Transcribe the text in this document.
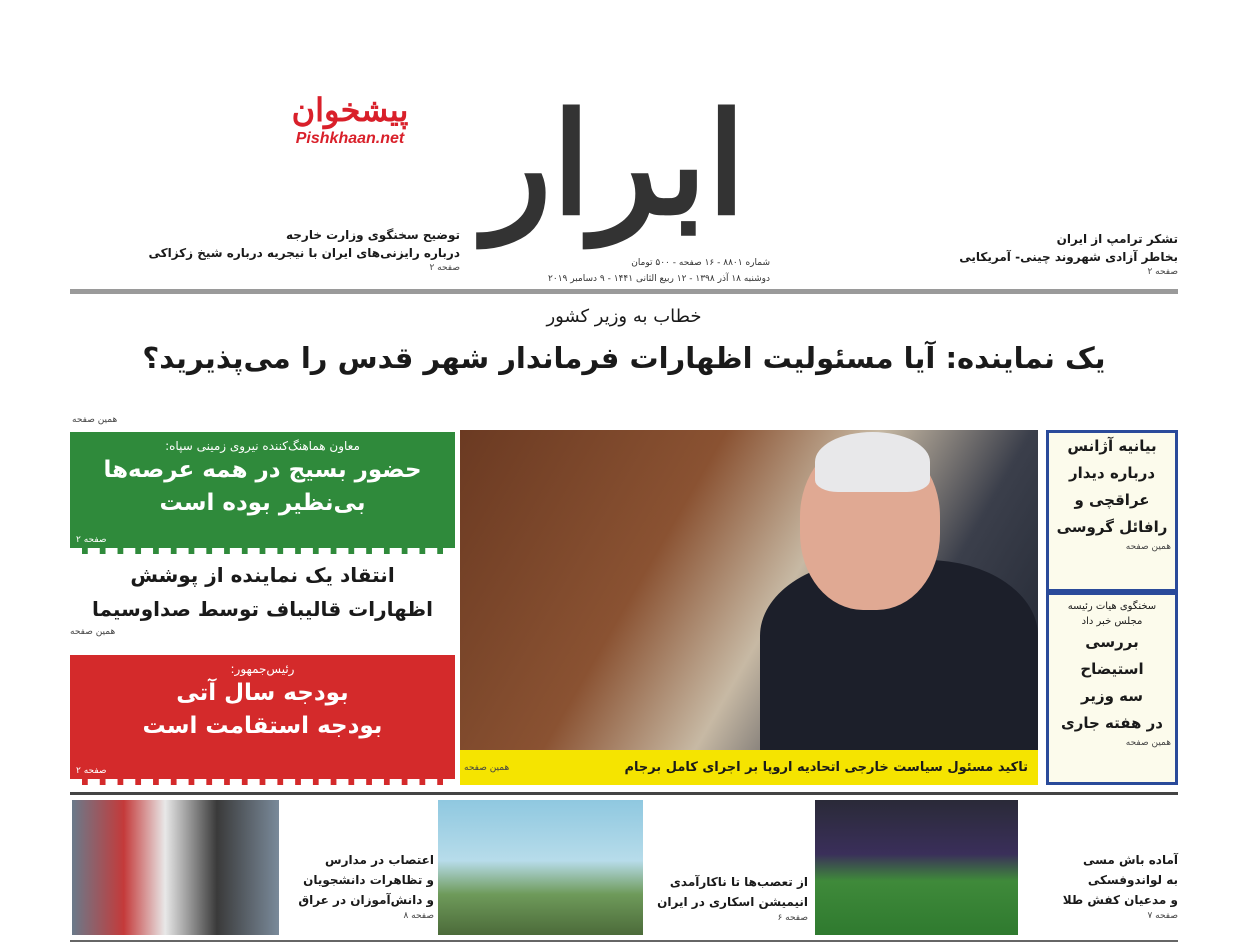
ابرار
پیشخوان
Pishkhaan.net
شماره ۸۸۰۱ - ۱۶ صفحه - ۵۰۰ تومان
دوشنبه ۱۸ آذر ۱۳۹۸ - ۱۲ ربیع الثانی ۱۴۴۱ - ۹ دسامبر ۲۰۱۹
تشکر ترامپ از ایران
بخاطر آزادی شهروند چینی- آمریکایی
صفحه ۲
توضیح سخنگوی وزارت خارجه
درباره رایزنی‌های ایران با نیجریه درباره شیخ زکزاکی
صفحه ۲
خطاب به وزیر کشور
یک نماینده: آیا مسئولیت اظهارات فرماندار شهر قدس را می‌پذیرید؟
همین صفحه
معاون هماهنگ‌کننده نیروی زمینی سپاه:
حضور بسیج در همه عرصه‌ها
بی‌نظیر بوده است
صفحه ۲
انتقاد یک نماینده از پوشش
اظهارات قالیباف توسط صداوسیما
همین صفحه
رئیس‌جمهور:
بودجه سال آتی
بودجه استقامت است
صفحه ۲	تاکید مسئول سیاست خارجی اتحادیه اروپا بر اجرای کامل برجام
همین صفحه
بیانیه آژانس
درباره دیدار
عراقچی و
رافائل گروسی
همین صفحه
سخنگوی هیات رئیسه
مجلس خبر داد
بررسی
استیضاح
سه وزیر
در هفته جاری
همین صفحه
آماده باش مسی
به لواندوفسکی
و مدعیان کفش طلا
صفحه ۷
از تعصب‌ها تا ناکارآمدی
انیمیشن اسکاری در ایران
صفحه ۶
اعتصاب در مدارس
و تظاهرات دانشجویان
و دانش‌آموزان در عراق
صفحه ۸
